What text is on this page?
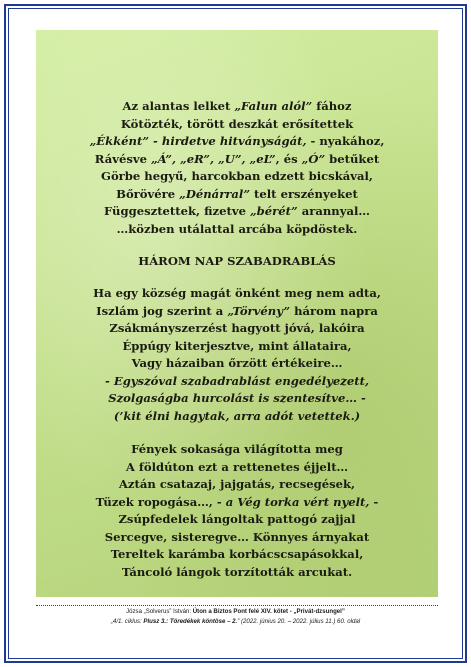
Az alantas lelket „Falun alól” fához

Kötözték, törött deszkát erősítettek

„Ékként” - hirdetve hitványságát, - nyakához,

Rávésve „Á”, „eR”, „U”, „eL”, és „Ó” betűket

Görbe hegyű, harcokban edzett bicskával,

Bőrövére „Dénárral” telt erszényeket

Függesztettek, fizetve „bérét” arannyal…

…közben utálattal arcába köpdöstek.

HÁROM NAP SZABADRABLÁS

Ha egy község magát önként meg nem adta,

Iszlám jog szerint a „Törvény” három napra

Zsákmányszerzést hagyott jóvá, lakóira

Éppúgy kiterjesztve, mint állataira,

Vagy házaiban őrzött értékeire…

- Egyszóval szabadrablást engedélyezett,

Szolgaságba hurcolást is szentesítve… -

(’kit élni hagytak, arra adót vetettek.)

Fények sokasága világította meg

A földúton ezt a rettenetes éjjelt…

Aztán csatazaj, jajgatás, recsegések,

Tüzek ropogása…, - a Vég torka vért nyelt, -

Zsúpfedelek lángoltak pattogó zajjal

Sercegve, sisteregve… Könnyes árnyakat

Tereltek karámba korbácscsapásokkal,

Táncoló lángok torzították arcukat.

Józsa „Solverus” István: Úton a Biztos Pont felé XIV. kötet - „Privát-dzsungel”

„4/1. ciklus: Plusz 3.: Töredékek köntöse – 2.” (2022. június 20. – 2022. július 11.) 60. oldal
